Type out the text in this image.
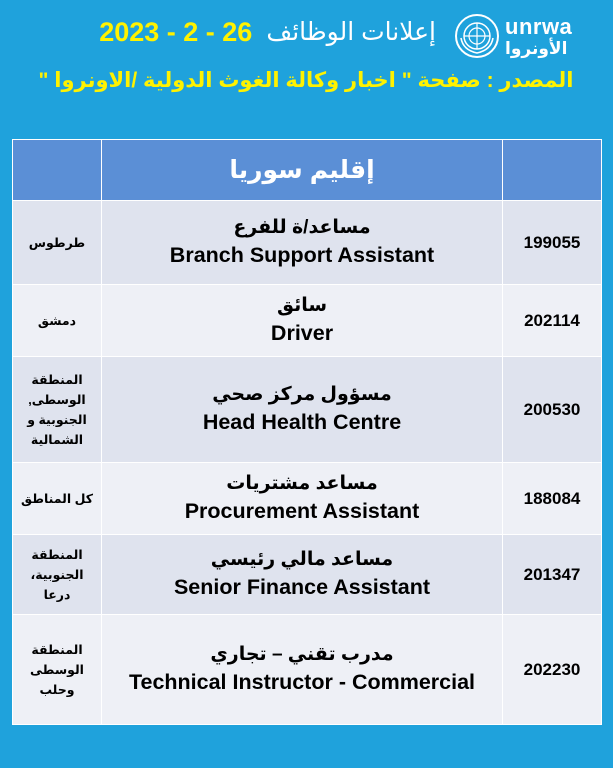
2023 - 2 - 26 إعلانات الوظائف	unrwa
الأونروا
المصدر : صفحة " اخبار وكالة الغوث الدولية /الاونروا "
	إقليم سوريا	

طرطوس	مساعد/ة للفرع
Branch Support Assistant	199055

دمشق	سائق
Driver	202114

المنطقة الوسطى, الجنوبية و الشمالية	مسؤول مركز صحي
Head Health Centre	200530

كل المناطق	مساعد مشتريات
Procurement Assistant	188084

المنطقة الجنوبية، درعا	مساعد مالي رئيسي
Senior Finance Assistant	201347

المنطقة الوسطى وحلب	مدرب تقني – تجاري
Technical Instructor - Commercial	202230
